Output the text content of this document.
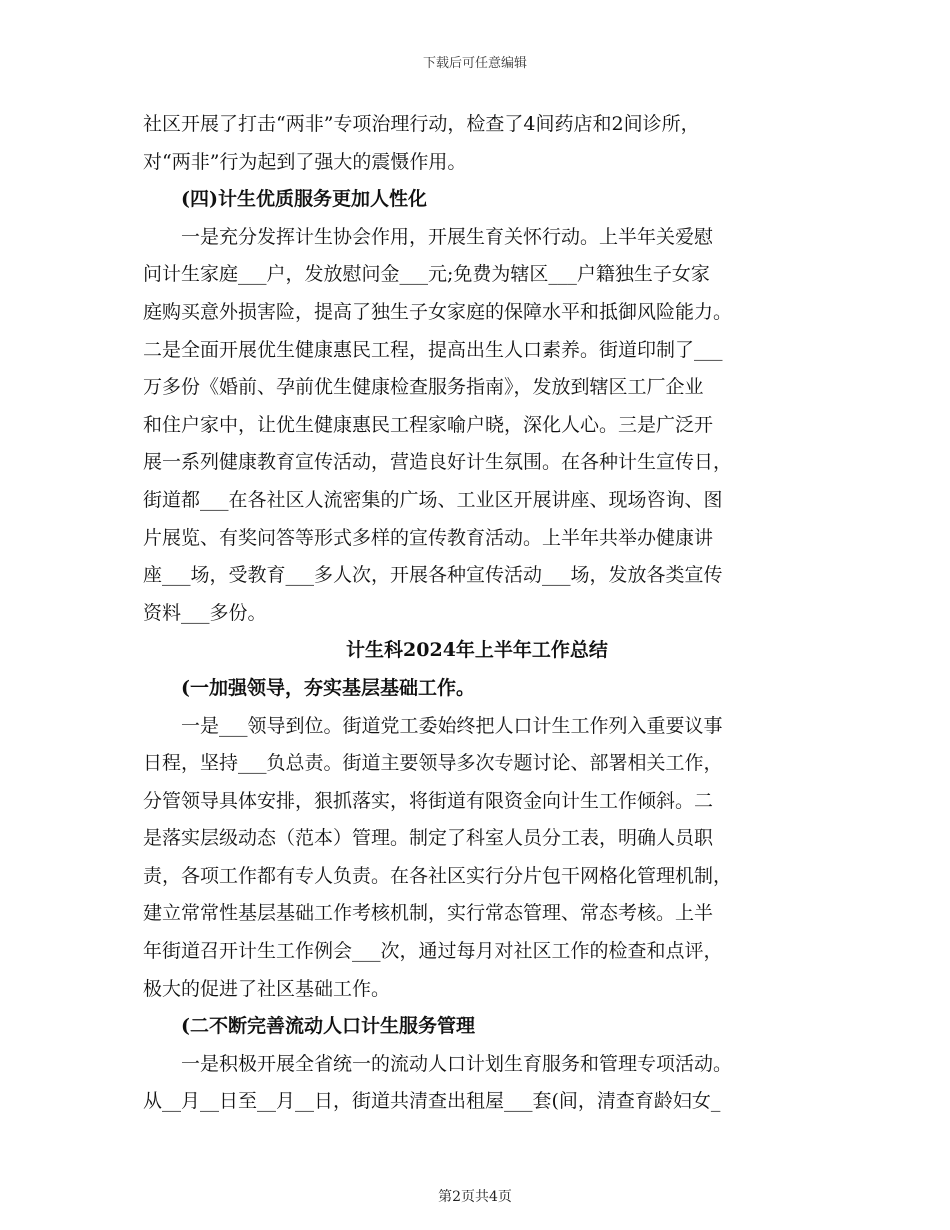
下载后可任意编辑
社区开展了打击“两非”专项治理行动，检查了4间药店和2间诊所，
对“两非”行为起到了强大的震慑作用。
(四)计生优质服务更加人性化
一是充分发挥计生协会作用，开展生育关怀行动。上半年关爱慰
问计生家庭___户，发放慰问金___元;免费为辖区___户籍独生子女家
庭购买意外损害险，提高了独生子女家庭的保障水平和抵御风险能力。
二是全面开展优生健康惠民工程，提高出生人口素养。街道印制了___
万多份《婚前、孕前优生健康检查服务指南》，发放到辖区工厂企业
和住户家中，让优生健康惠民工程家喻户晓，深化人心。三是广泛开
展一系列健康教育宣传活动，营造良好计生氛围。在各种计生宣传日，
街道都___在各社区人流密集的广场、工业区开展讲座、现场咨询、图
片展览、有奖问答等形式多样的宣传教育活动。上半年共举办健康讲
座___场，受教育___多人次，开展各种宣传活动___场，发放各类宣传
资料___多份。
计生科2024年上半年工作总结
(一加强领导，夯实基层基础工作。
一是___领导到位。街道党工委始终把人口计生工作列入重要议事
日程，坚持___负总责。街道主要领导多次专题讨论、部署相关工作，
分管领导具体安排，狠抓落实，将街道有限资金向计生工作倾斜。二
是落实层级动态（范本）管理。制定了科室人员分工表，明确人员职
责，各项工作都有专人负责。在各社区实行分片包干网格化管理机制，
建立常常性基层基础工作考核机制，实行常态管理、常态考核。上半
年街道召开计生工作例会___次，通过每月对社区工作的检查和点评，
极大的促进了社区基础工作。
(二不断完善流动人口计生服务管理
一是积极开展全省统一的流动人口计划生育服务和管理专项活动。
从__月__日至__月__日，街道共清查出租屋___套(间，清查育龄妇女_
第2页共4页
